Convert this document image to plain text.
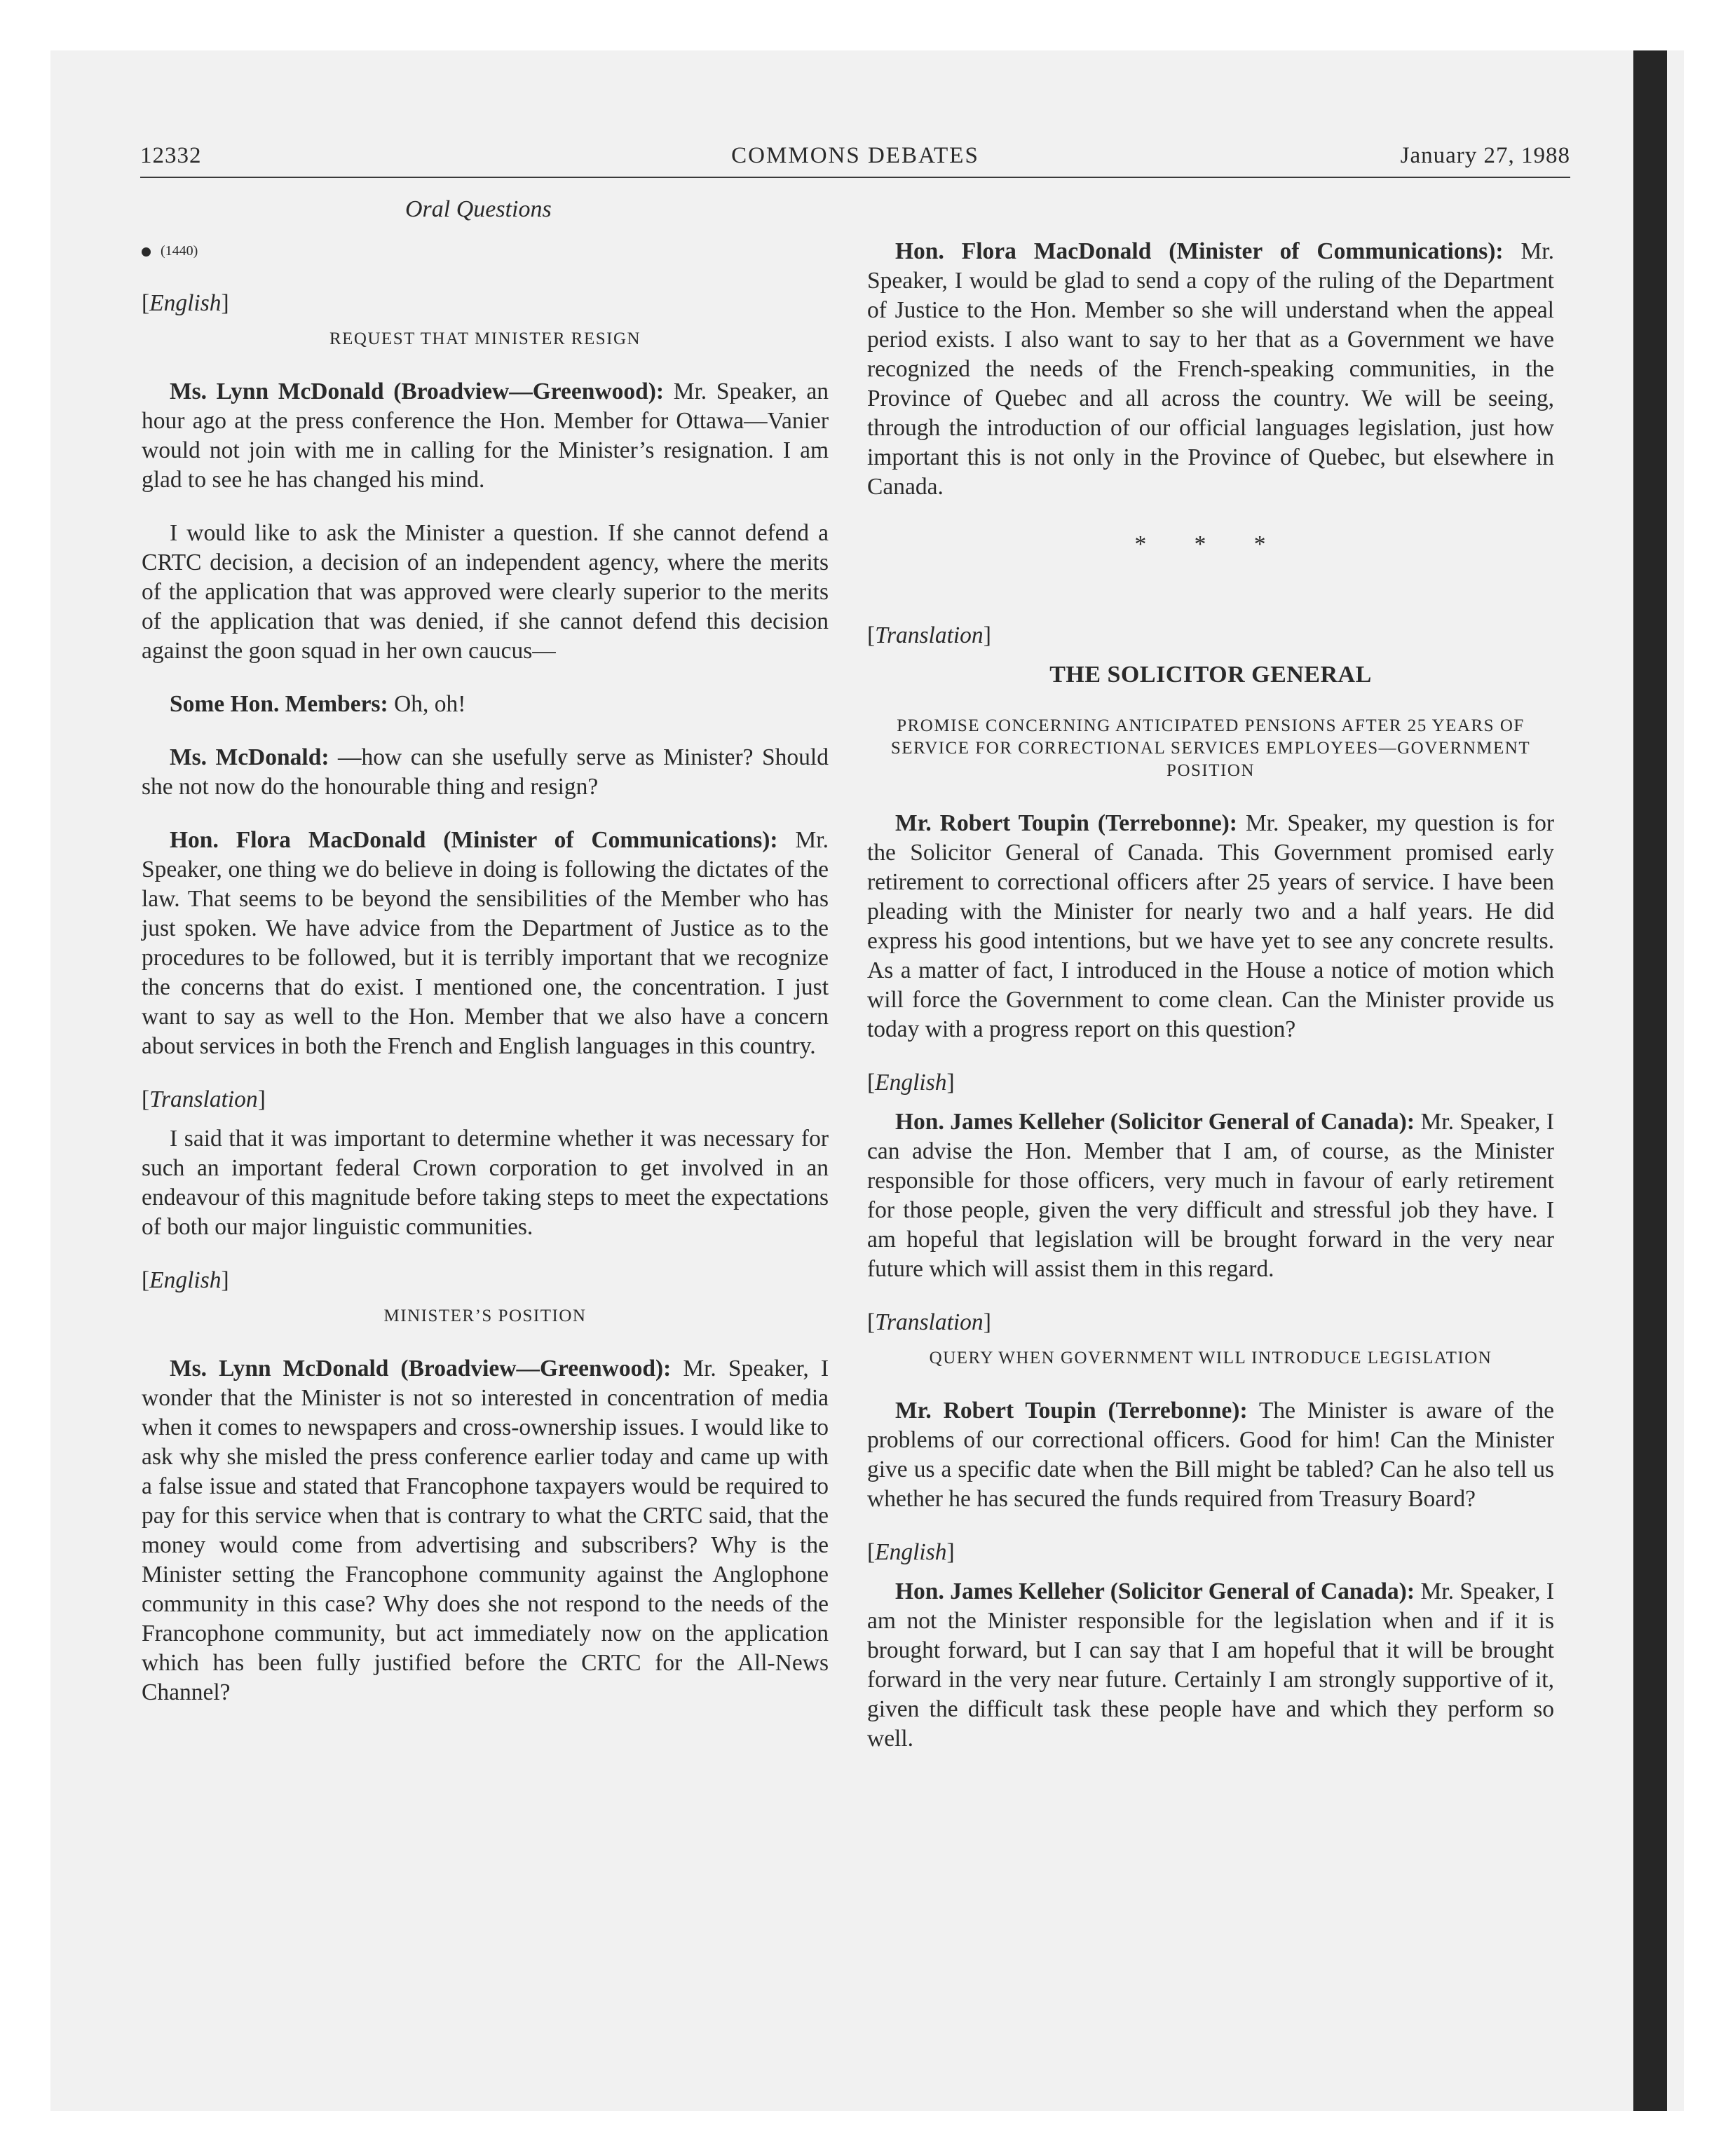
12332	COMMONS DEBATES	January 27, 1988
Oral Questions
(1440)
[English]
REQUEST THAT MINISTER RESIGN

Ms. Lynn McDonald (Broadview—Greenwood): Mr. Speaker, an hour ago at the press conference the Hon. Member for Ottawa—Vanier would not join with me in calling for the Minister’s resignation. I am glad to see he has changed his mind.

I would like to ask the Minister a question. If she cannot defend a CRTC decision, a decision of an independent agency, where the merits of the application that was approved were clearly superior to the merits of the application that was denied, if she cannot defend this decision against the goon squad in her own caucus—

Some Hon. Members: Oh, oh!

Ms. McDonald: —how can she usefully serve as Minister? Should she not now do the honourable thing and resign?

Hon. Flora MacDonald (Minister of Communications): Mr. Speaker, one thing we do believe in doing is following the dictates of the law. That seems to be beyond the sensibilities of the Member who has just spoken. We have advice from the Department of Justice as to the procedures to be followed, but it is terribly important that we recognize the concerns that do exist. I mentioned one, the concentration. I just want to say as well to the Hon. Member that we also have a concern about services in both the French and English languages in this country.

[Translation]

I said that it was important to determine whether it was necessary for such an important federal Crown corporation to get involved in an endeavour of this magnitude before taking steps to meet the expectations of both our major linguistic communities.

[English]
MINISTER’S POSITION

Ms. Lynn McDonald (Broadview—Greenwood): Mr. Speaker, I wonder that the Minister is not so interested in concentration of media when it comes to newspapers and cross-ownership issues. I would like to ask why she misled the press conference earlier today and came up with a false issue and stated that Francophone taxpayers would be required to pay for this service when that is contrary to what the CRTC said, that the money would come from advertising and subscribers? Why is the Minister setting the Francophone community against the Anglophone community in this case? Why does she not respond to the needs of the Francophone community, but act immediately now on the application which has been fully justified before the CRTC for the All-News Channel?

Hon. Flora MacDonald (Minister of Communications): Mr. Speaker, I would be glad to send a copy of the ruling of the Department of Justice to the Hon. Member so she will understand when the appeal period exists. I also want to say to her that as a Government we have recognized the needs of the French-speaking communities, in the Province of Quebec and all across the country. We will be seeing, through the introduction of our official languages legislation, just how important this is not only in the Province of Quebec, but elsewhere in Canada.

* * *
[Translation]
THE SOLICITOR GENERAL
PROMISE CONCERNING ANTICIPATED PENSIONS AFTER 25 YEARS OF SERVICE FOR CORRECTIONAL SERVICES EMPLOYEES—GOVERNMENT POSITION

Mr. Robert Toupin (Terrebonne): Mr. Speaker, my question is for the Solicitor General of Canada. This Government promised early retirement to correctional officers after 25 years of service. I have been pleading with the Minister for nearly two and a half years. He did express his good intentions, but we have yet to see any concrete results. As a matter of fact, I introduced in the House a notice of motion which will force the Government to come clean. Can the Minister provide us today with a progress report on this question?

[English]

Hon. James Kelleher (Solicitor General of Canada): Mr. Speaker, I can advise the Hon. Member that I am, of course, as the Minister responsible for those officers, very much in favour of early retirement for those people, given the very difficult and stressful job they have. I am hopeful that legislation will be brought forward in the very near future which will assist them in this regard.

[Translation]
QUERY WHEN GOVERNMENT WILL INTRODUCE LEGISLATION

Mr. Robert Toupin (Terrebonne): The Minister is aware of the problems of our correctional officers. Good for him! Can the Minister give us a specific date when the Bill might be tabled? Can he also tell us whether he has secured the funds required from Treasury Board?

[English]

Hon. James Kelleher (Solicitor General of Canada): Mr. Speaker, I am not the Minister responsible for the legislation when and if it is brought forward, but I can say that I am hopeful that it will be brought forward in the very near future. Certainly I am strongly supportive of it, given the difficult task these people have and which they perform so well.
